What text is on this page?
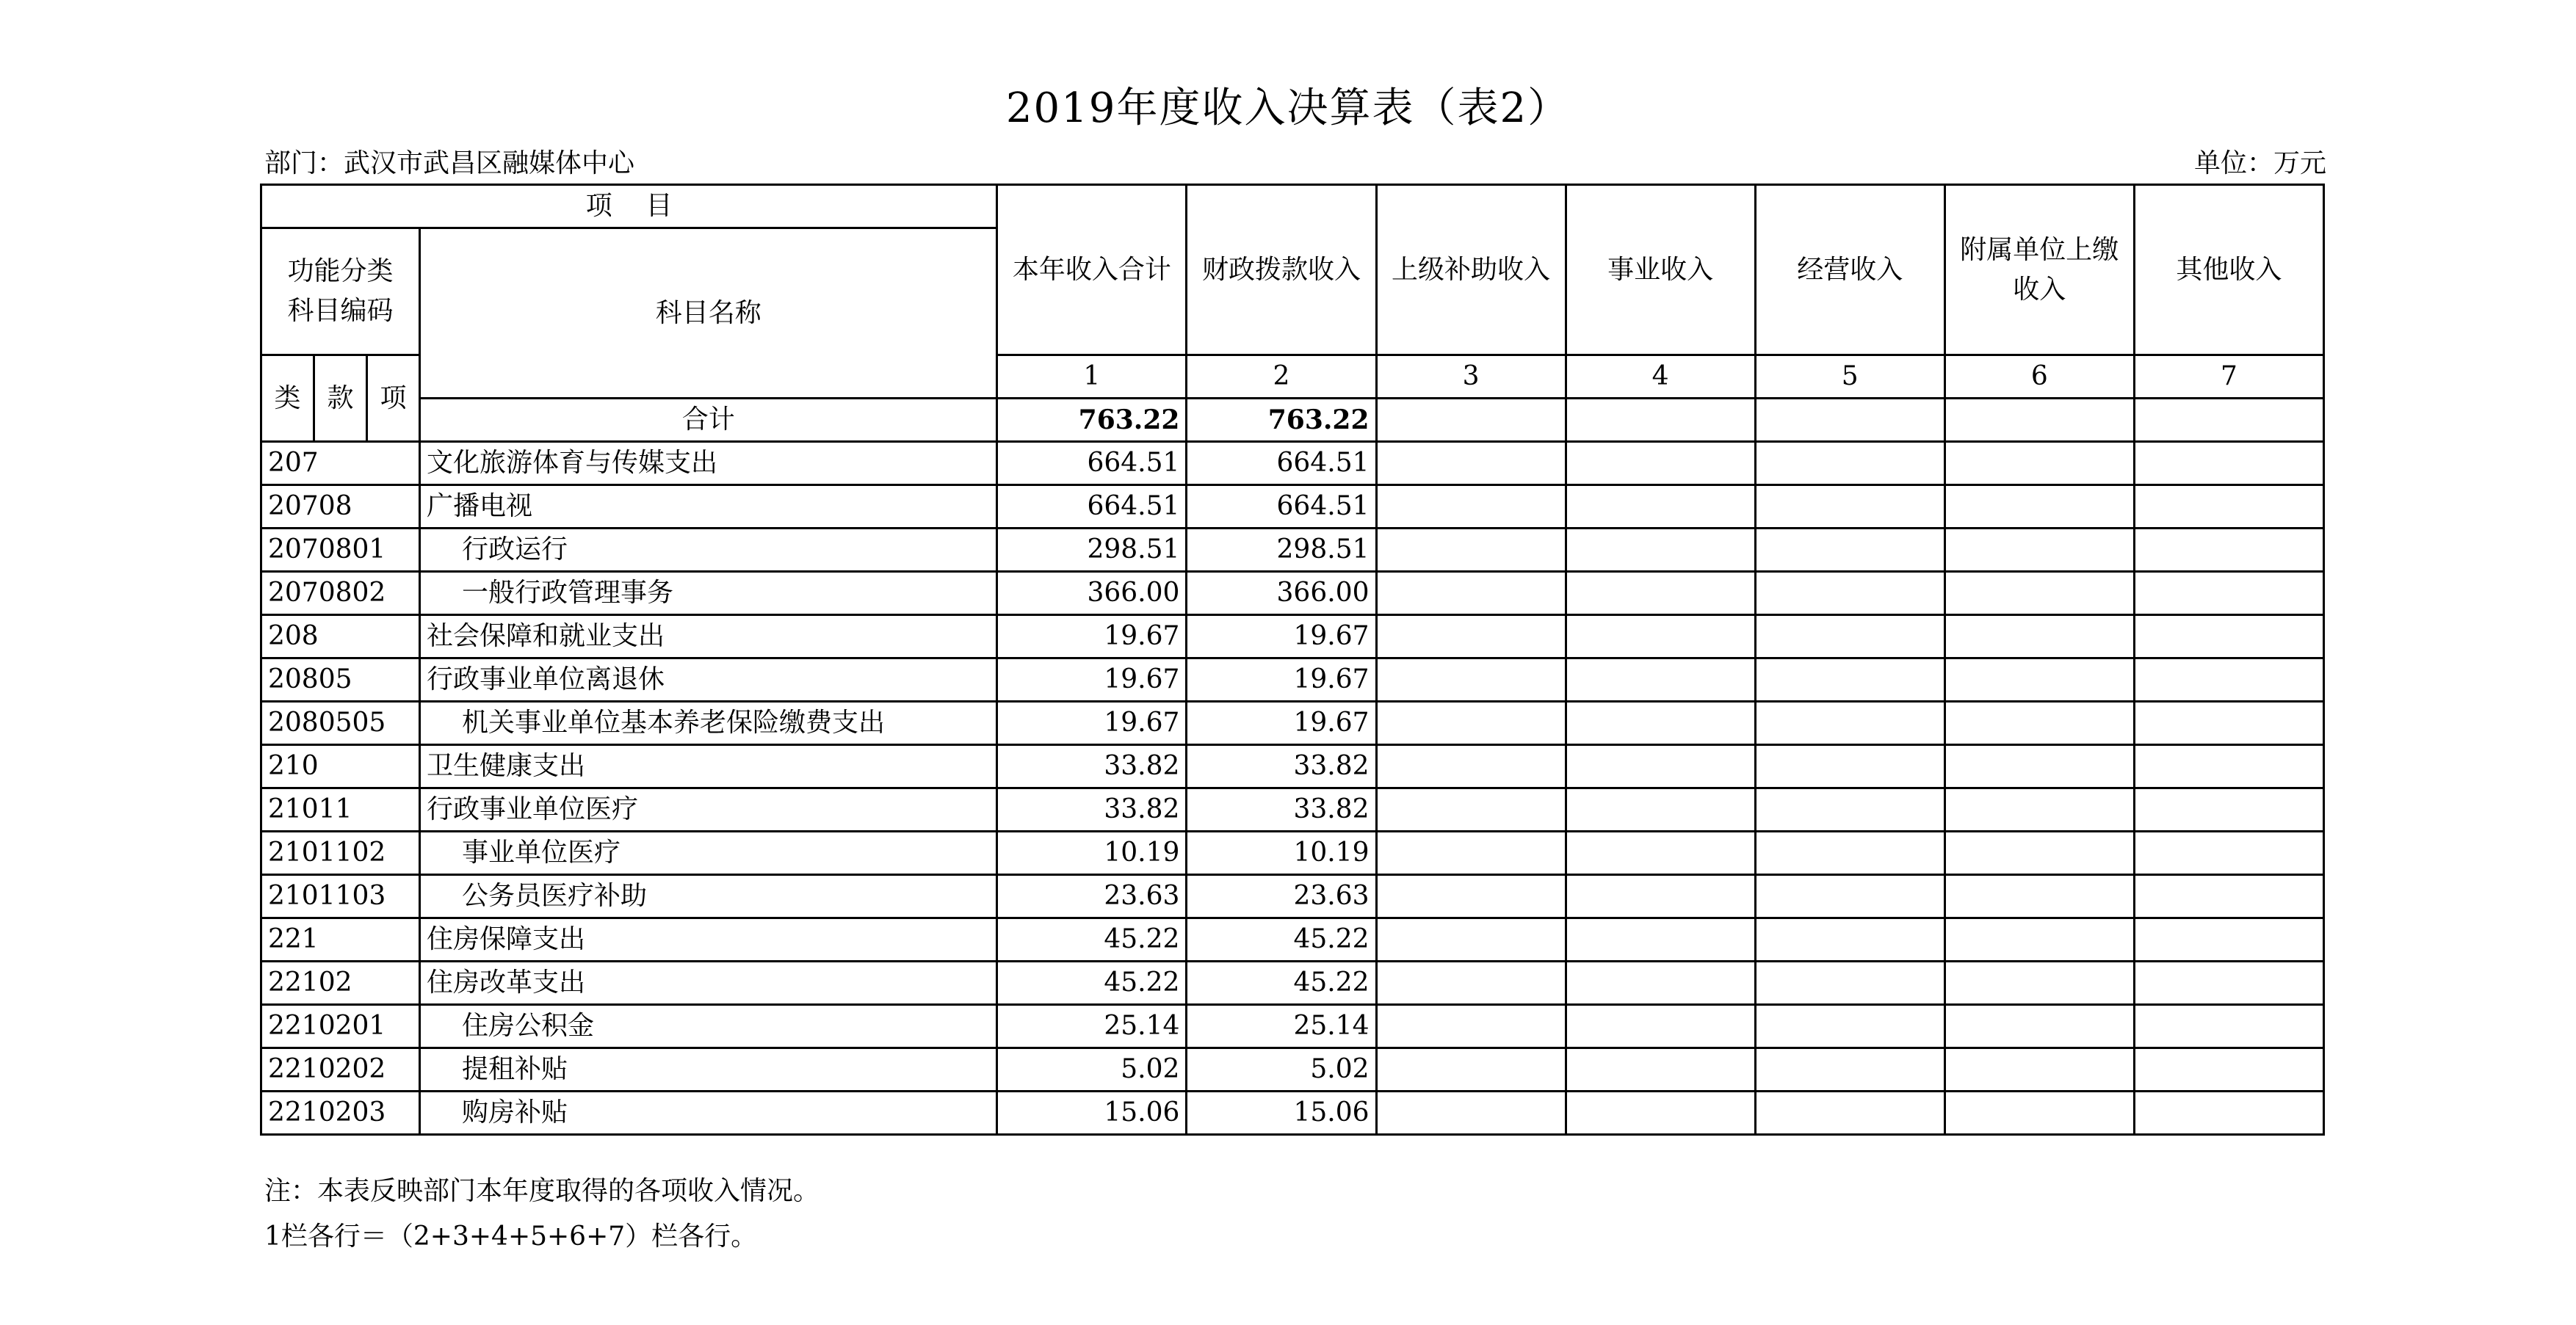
2019年度收入决算表（表2）
部门：武汉市武昌区融媒体中心	单位：万元
项    目				本年收入合计	财政拨款收入	上级补助收入	事业收入	经营收入	附属单位上缴收入	其他收入
功能分类科目编码			科目名称							
类	款	项		1	2	3	4	5	6	7
			合计	763.22	763.22					
207			文化旅游体育与传媒支出	664.51	664.51					
20708			广播电视	664.51	664.51					
2070801			行政运行	298.51	298.51					
2070802			一般行政管理事务	366.00	366.00					
208			社会保障和就业支出	19.67	19.67					
20805			行政事业单位离退休	19.67	19.67					
2080505			机关事业单位基本养老保险缴费支出	19.67	19.67					
210			卫生健康支出	33.82	33.82					
21011			行政事业单位医疗	33.82	33.82					
2101102			事业单位医疗	10.19	10.19					
2101103			公务员医疗补助	23.63	23.63					
221			住房保障支出	45.22	45.22					
22102			住房改革支出	45.22	45.22					
2210201			住房公积金	25.14	25.14					
2210202			提租补贴	5.02	5.02					
2210203			购房补贴	15.06	15.06					
注：本表反映部门本年度取得的各项收入情况。
1栏各行＝（2+3+4+5+6+7）栏各行。
